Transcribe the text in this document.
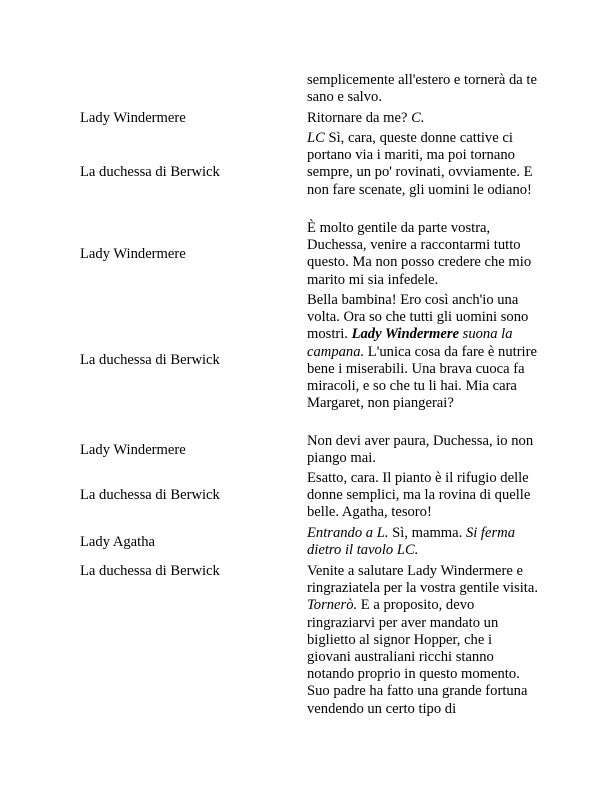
semplicemente all'estero e tornerà da te sano e salvo.

Lady Windermere	Ritornare da me? C.

La duchessa di Berwick

LC Sì, cara, queste donne cattive ci portano via i mariti, ma poi tornano sempre, un po' rovinati, ovviamente. E non fare scenate, gli uomini le odiano!

Lady Windermere

È molto gentile da parte vostra, Duchessa, venire a raccontarmi tutto questo. Ma non posso credere che mio marito mi sia infedele.

La duchessa di Berwick

Bella bambina! Ero così anch'io una volta. Ora so che tutti gli uomini sono mostri. Lady Windermere suona la campana. L'unica cosa da fare è nutrire bene i miserabili. Una brava cuoca fa miracoli, e so che tu li hai. Mia cara Margaret, non piangerai?

Lady Windermere

Non devi aver paura, Duchessa, io non piango mai.

La duchessa di Berwick

Esatto, cara. Il pianto è il rifugio delle donne semplici, ma la rovina di quelle belle. Agatha, tesoro!

Lady Agatha

Entrando a L. Sì, mamma. Si ferma dietro il tavolo LC.

La duchessa di Berwick	Venite a salutare Lady Windermere e ringraziatela per la vostra gentile visita. Tornerò. E a proposito, devo ringraziarvi per aver mandato un biglietto al signor Hopper, che i giovani australiani ricchi stanno notando proprio in questo momento. Suo padre ha fatto una grande fortuna vendendo un certo tipo di
